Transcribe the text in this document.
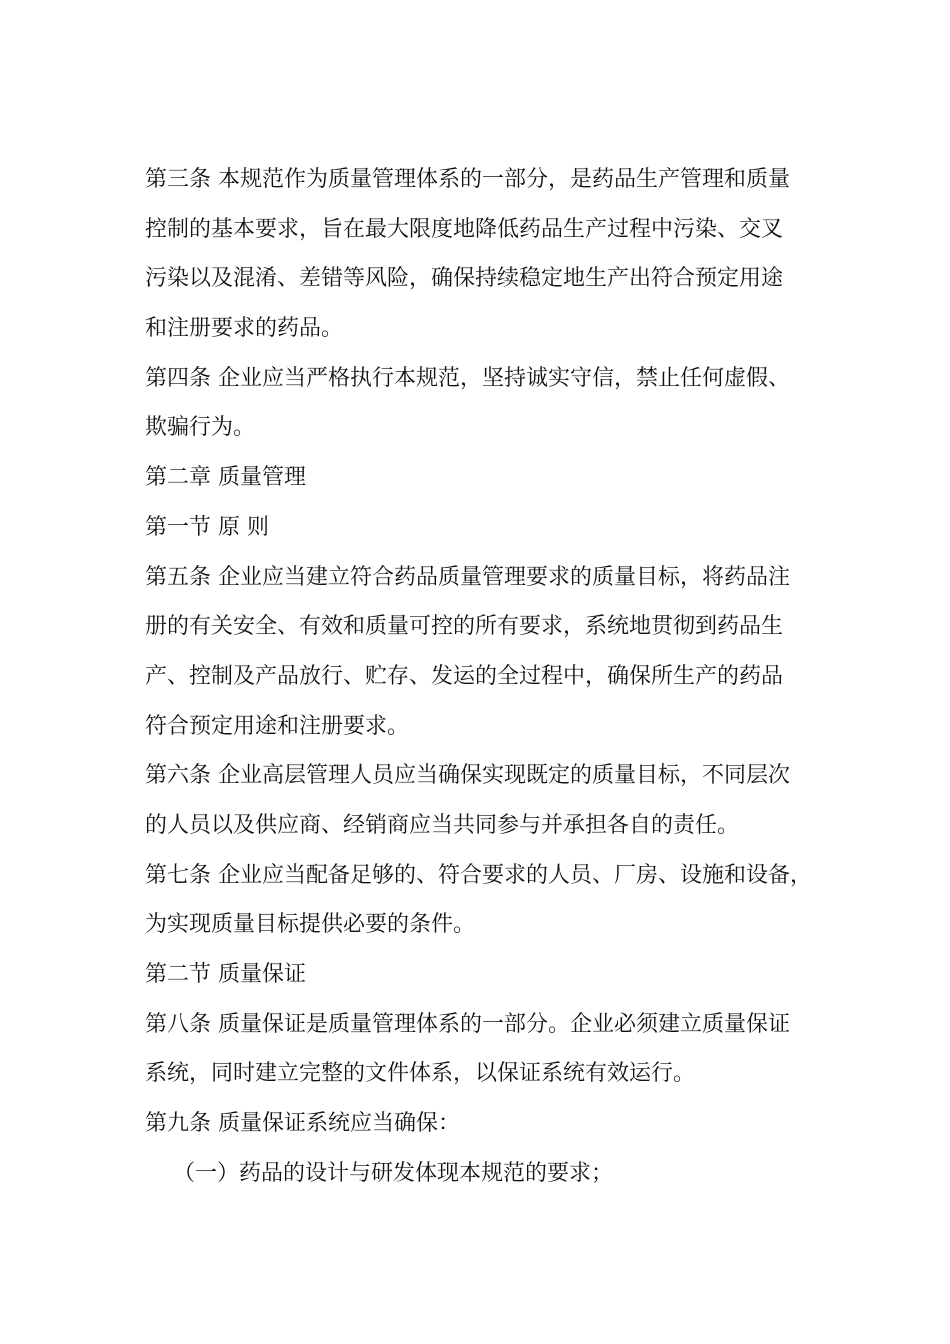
第三条 本规范作为质量管理体系的一部分，是药品生产管理和质量
控制的基本要求，旨在最大限度地降低药品生产过程中污染、交叉
污染以及混淆、差错等风险，确保持续稳定地生产出符合预定用途
和注册要求的药品。

第四条 企业应当严格执行本规范，坚持诚实守信，禁止任何虚假、
欺骗行为。

第二章 质量管理

第一节 原 则

第五条 企业应当建立符合药品质量管理要求的质量目标，将药品注
册的有关安全、有效和质量可控的所有要求，系统地贯彻到药品生
产、控制及产品放行、贮存、发运的全过程中，确保所生产的药品
符合预定用途和注册要求。

第六条 企业高层管理人员应当确保实现既定的质量目标，不同层次
的人员以及供应商、经销商应当共同参与并承担各自的责任。

第七条 企业应当配备足够的、符合要求的人员、厂房、设施和设备，
为实现质量目标提供必要的条件。

第二节 质量保证

第八条 质量保证是质量管理体系的一部分。企业必须建立质量保证
系统，同时建立完整的文件体系，以保证系统有效运行。

第九条 质量保证系统应当确保：

（一）药品的设计与研发体现本规范的要求；
